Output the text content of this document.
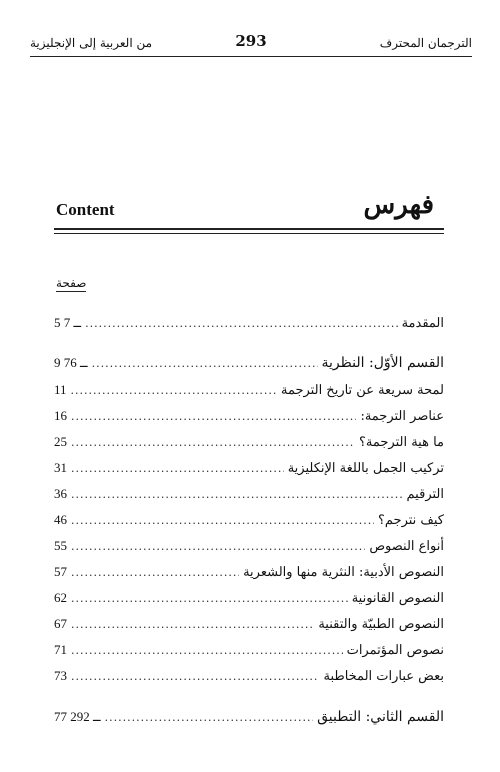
من العربية إلى الإنجليزية	293	الترجمان المحترف
Content	فهرس
صفحة
5 ــ 7 .....	المقدمة
9 ــ 76 .....	القسم الأوّل: النظرية
11 .....	لمحة سريعة عن تاريخ الترجمة
16 .....	عناصر الترجمة:
25 .....	ما هية الترجمة؟
31 .....	تركيب الجمل باللغة الإنكليزية
36 .....	الترقيم
46 .....	كيف نترجم؟
55 .....	أنواع النصوص
57 .....	النصوص الأدبية: النثرية منها والشعرية
62 .....	النصوص القانونية
67 .....	النصوص الطبيّة والتقنية
71 .....	نصوص المؤتمرات
73 .....	بعض عبارات المخاطبة
77 ــ 292 .....	القسم الثاني: التطبيق
